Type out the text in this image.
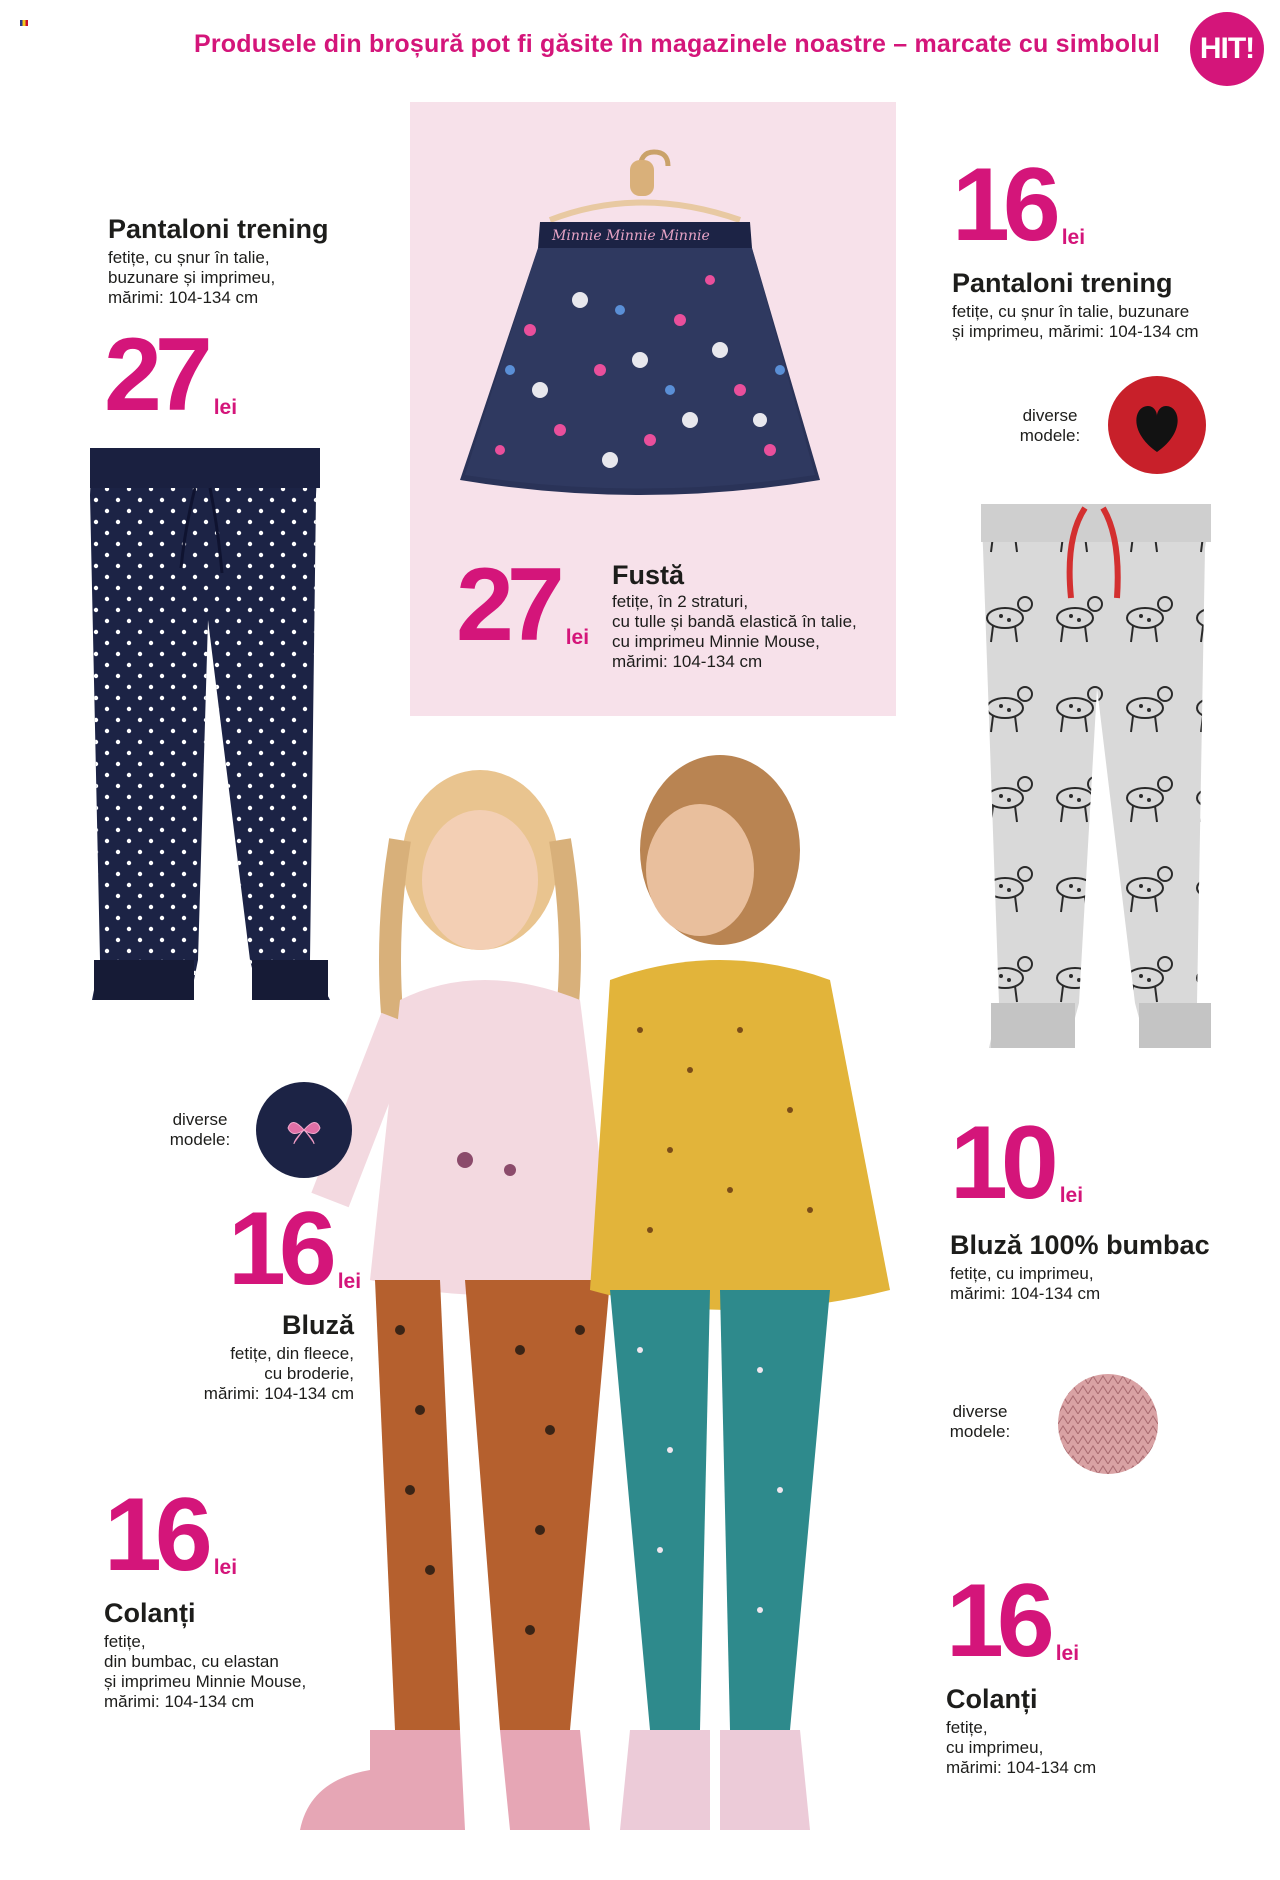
Produsele din broșură pot fi găsite în magazinele noastre – marcate cu simbolul	HIT!
Minnie Minnie Minnie
27 lei
Fustă
fetițe, în 2 straturi,
cu tulle și bandă elastică în talie,
cu imprimeu Minnie Mouse,
mărimi: 104-134 cm
Pantaloni trening
fetițe, cu șnur în talie,
buzunare și imprimeu,
mărimi: 104-134 cm
27 lei
16 lei
Pantaloni trening
fetițe, cu șnur în talie, buzunare
și imprimeu, mărimi: 104-134 cm
diverse
modele:
diverse
modele:
16 lei
Bluză
fetițe, din fleece,
cu broderie,
mărimi: 104-134 cm
10 lei
Bluză 100% bumbac
fetițe, cu imprimeu,
mărimi: 104-134 cm
diverse
modele:
16 lei
Colanți
fetițe,
din bumbac, cu elastan
și imprimeu Minnie Mouse,
mărimi: 104-134 cm
16 lei
Colanți
fetițe,
cu imprimeu,
mărimi: 104-134 cm
